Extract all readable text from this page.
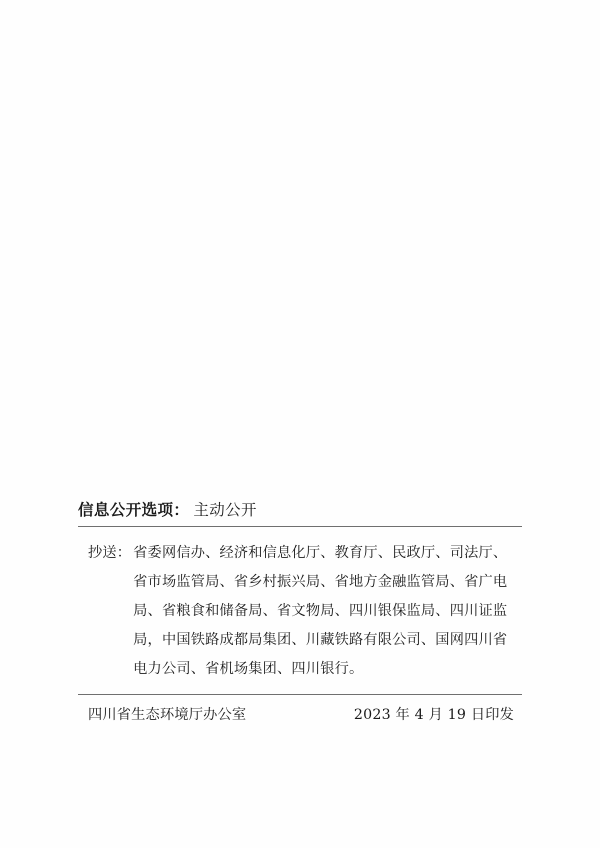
信息公开选项： 主动公开
抄送： 省委网信办、经济和信息化厅、教育厅、民政厅、司法厅、
省市场监管局、省乡村振兴局、省地方金融监管局、省广电
局、省粮食和储备局、省文物局、四川银保监局、四川证监
局，中国铁路成都局集团、川藏铁路有限公司、国网四川省
电力公司、省机场集团、四川银行。
四川省生态环境厅办公室	2023 年 4 月 19 日印发
